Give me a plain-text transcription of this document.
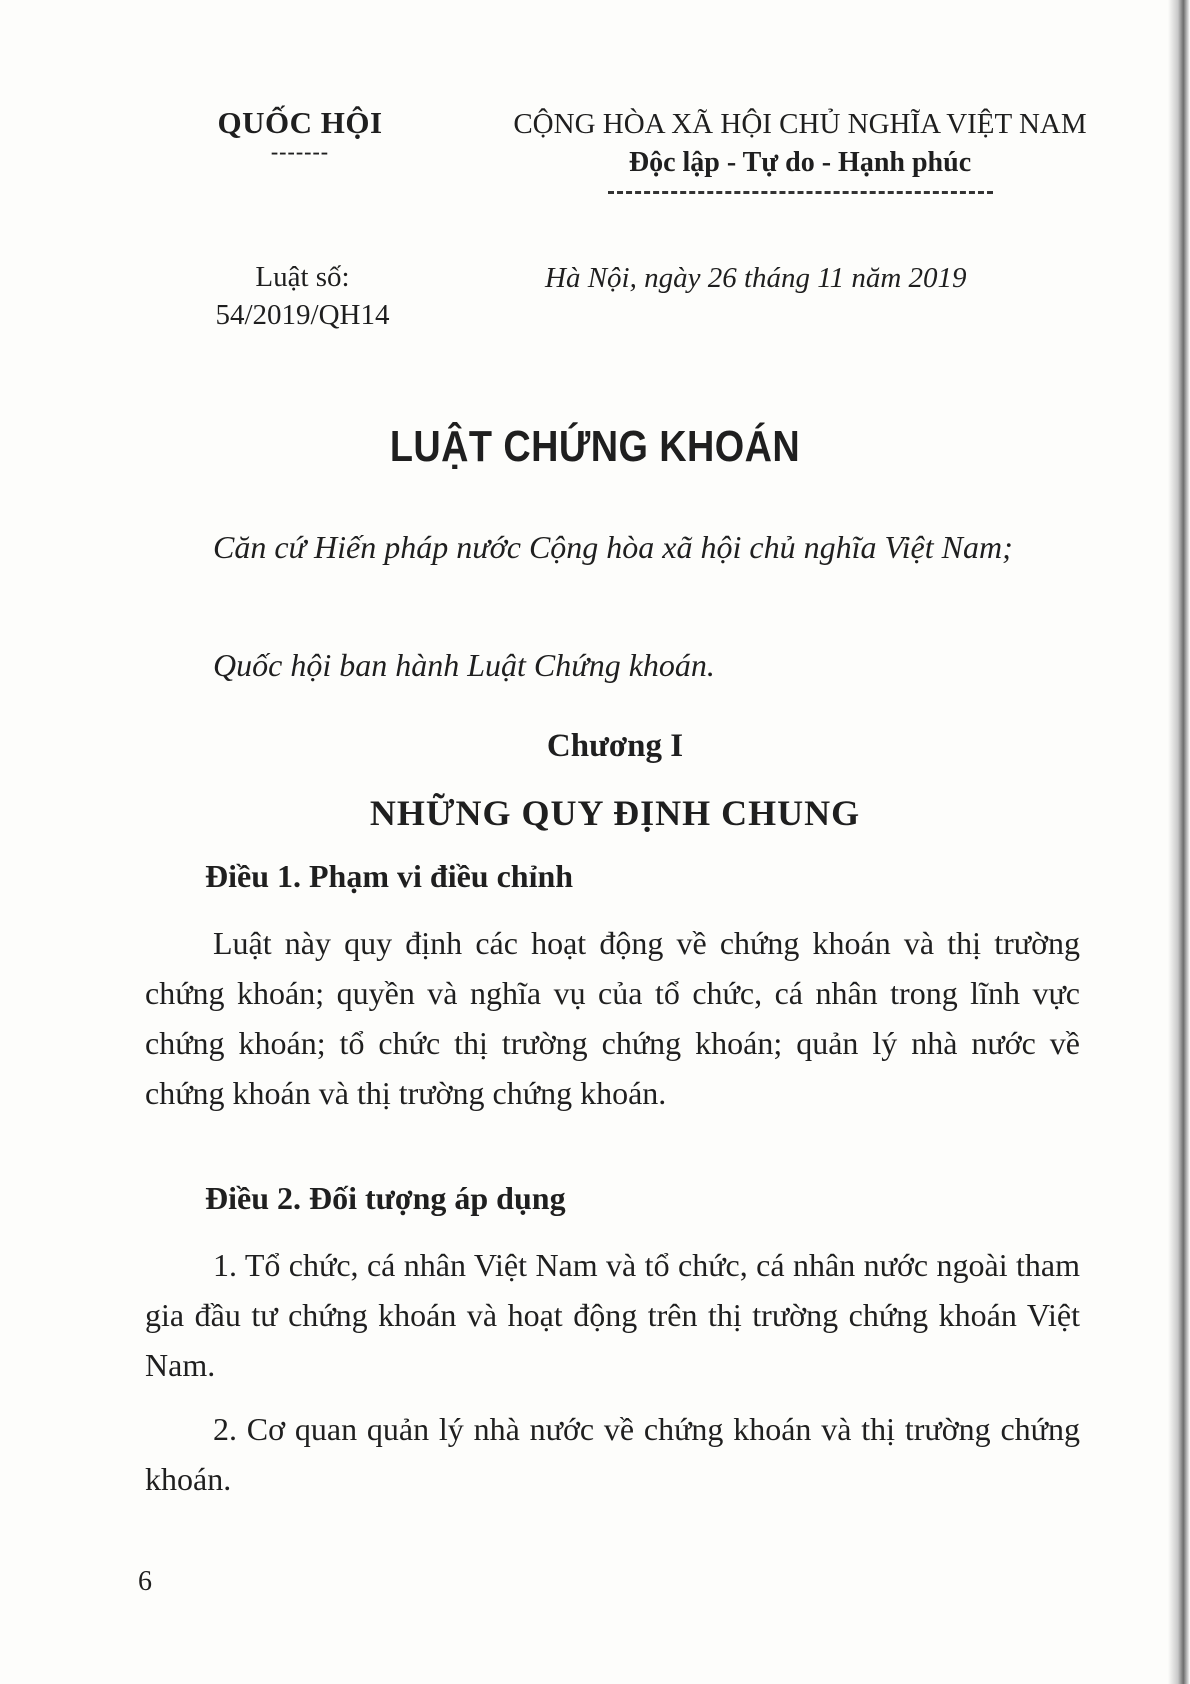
QUỐC HỘI
-------
CỘNG HÒA XÃ HỘI CHỦ NGHĨA VIỆT NAM
Độc lập - Tự do - Hạnh phúc
Luật số:
54/2019/QH14
Hà Nội, ngày 26 tháng 11 năm 2019
LUẬT CHỨNG KHOÁN
Căn cứ Hiến pháp nước Cộng hòa xã hội chủ nghĩa Việt Nam;
Quốc hội ban hành Luật Chứng khoán.
Chương I
NHỮNG QUY ĐỊNH CHUNG
Điều 1. Phạm vi điều chỉnh
Luật này quy định các hoạt động về chứng khoán và thị trường chứng khoán; quyền và nghĩa vụ của tổ chức, cá nhân trong lĩnh vực chứng khoán; tổ chức thị trường chứng khoán; quản lý nhà nước về chứng khoán và thị trường chứng khoán.
Điều 2. Đối tượng áp dụng
1. Tổ chức, cá nhân Việt Nam và tổ chức, cá nhân nước ngoài tham gia đầu tư chứng khoán và hoạt động trên thị trường chứng khoán Việt Nam.
2. Cơ quan quản lý nhà nước về chứng khoán và thị trường chứng khoán.
6
